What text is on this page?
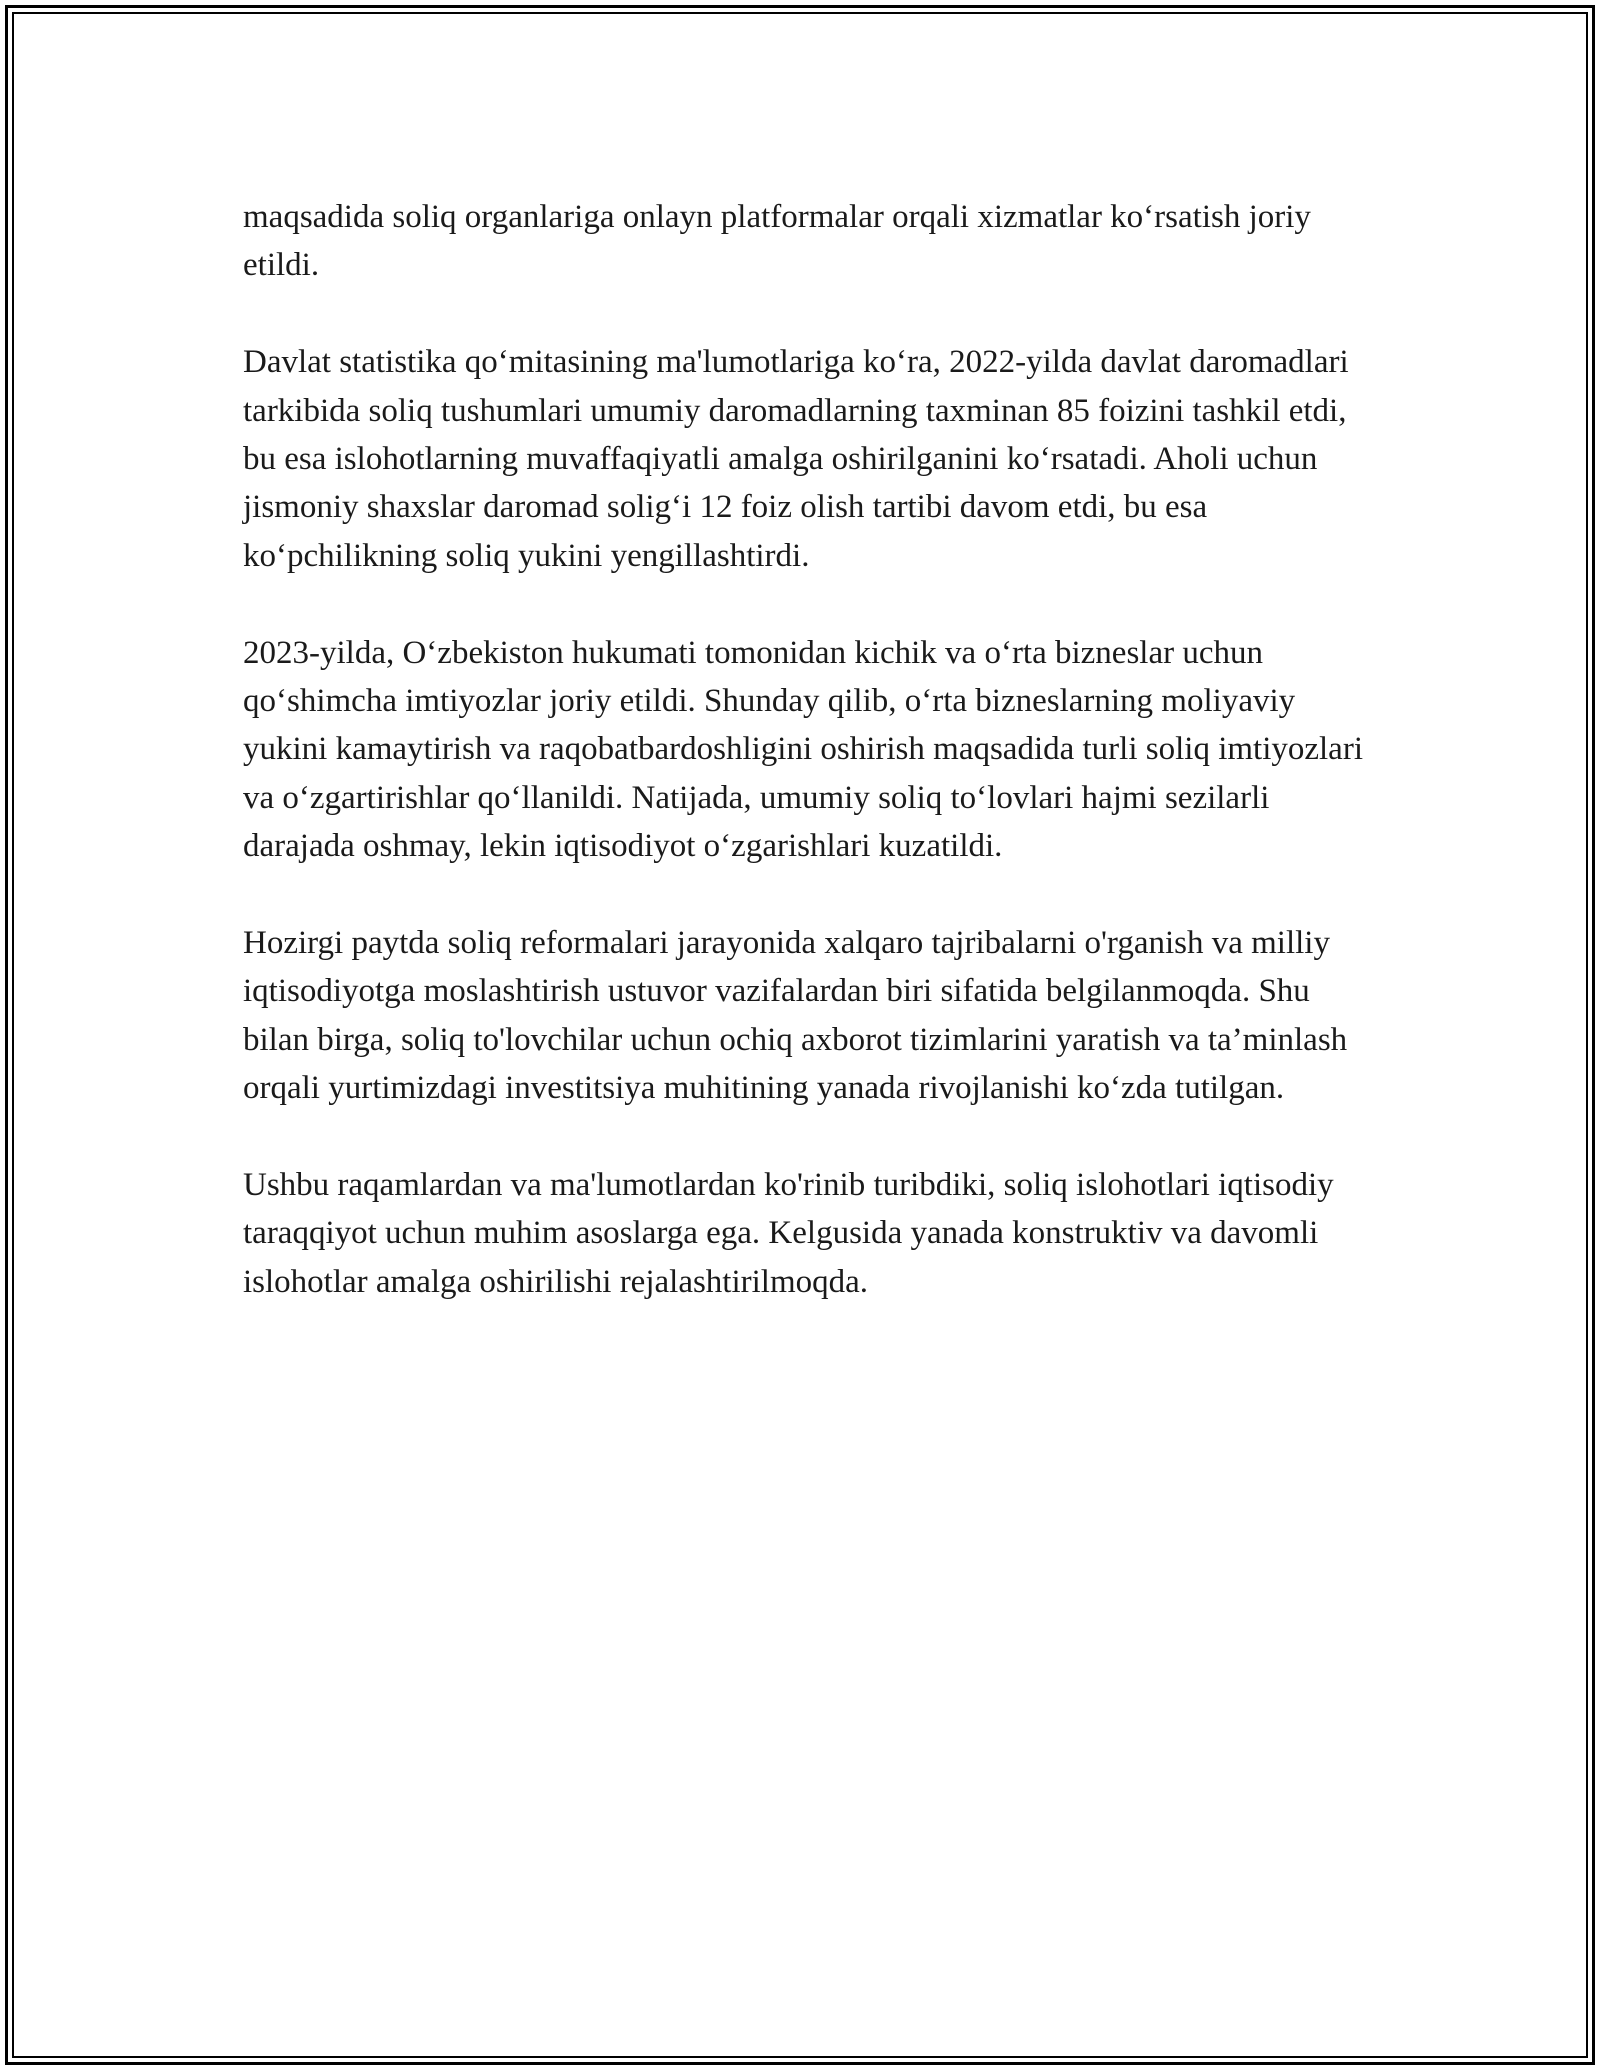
maqsadida soliq organlariga onlayn platformalar orqali xizmatlar koʻrsatish joriy etildi.

Davlat statistika qoʻmitasining ma'lumotlariga koʻra, 2022-yilda davlat daromadlari tarkibida soliq tushumlari umumiy daromadlarning taxminan 85 foizini tashkil etdi, bu esa islohotlarning muvaffaqiyatli amalga oshirilganini koʻrsatadi. Aholi uchun jismoniy shaxslar daromad soligʻi 12 foiz olish tartibi davom etdi, bu esa koʻpchilikning soliq yukini yengillashtirdi.

2023-yilda, Oʻzbekiston hukumati tomonidan kichik va oʻrta bizneslar uchun qoʻshimcha imtiyozlar joriy etildi. Shunday qilib, oʻrta bizneslarning moliyaviy yukini kamaytirish va raqobatbardoshligini oshirish maqsadida turli soliq imtiyozlari va oʻzgartirishlar qoʻllanildi. Natijada, umumiy soliq toʻlovlari hajmi sezilarli darajada oshmay, lekin iqtisodiyot oʻzgarishlari kuzatildi.

Hozirgi paytda soliq reformalari jarayonida xalqaro tajribalarni o'rganish va milliy iqtisodiyotga moslashtirish ustuvor vazifalardan biri sifatida belgilanmoqda. Shu bilan birga, soliq to'lovchilar uchun ochiq axborot tizimlarini yaratish va ta’minlash orqali yurtimizdagi investitsiya muhitining yanada rivojlanishi koʻzda tutilgan.

Ushbu raqamlardan va ma'lumotlardan ko'rinib turibdiki, soliq islohotlari iqtisodiy taraqqiyot uchun muhim asoslarga ega. Kelgusida yanada konstruktiv va davomli islohotlar amalga oshirilishi rejalashtirilmoqda.
